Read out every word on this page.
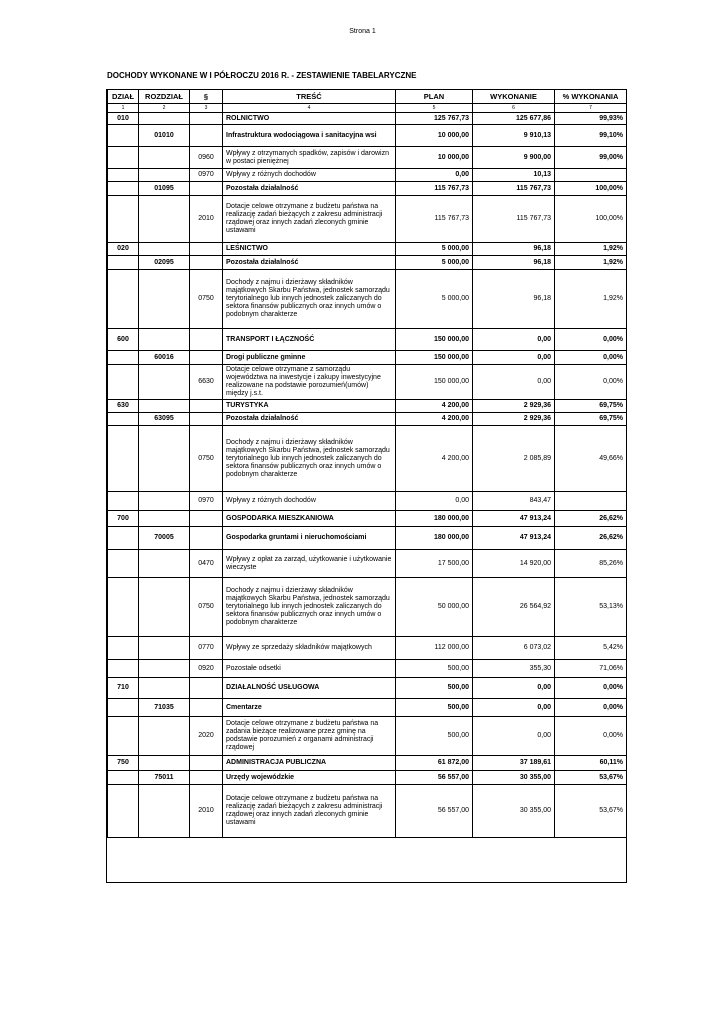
Strona 1
DOCHODY WYKONANE W I PÓŁROCZU 2016 R. - ZESTAWIENIE TABELARYCZNE
DZIAŁ	ROZDZIAŁ	§	TREŚĆ	PLAN	WYKONANIE	% WYKONANIA
1	2	3	4	5	6	7
010			ROLNICTWO	125 767,73	125 677,86	99,93%
	01010		Infrastruktura wodociągowa i sanitacyjna wsi	10 000,00	9 910,13	99,10%
		0960	Wpływy z otrzymanych spadków, zapisów i darowizn w postaci pieniężnej	10 000,00	9 900,00	99,00%
		0970	Wpływy z różnych dochodów	0,00	10,13	
	01095		Pozostała działalność	115 767,73	115 767,73	100,00%
		2010	Dotacje celowe otrzymane z budżetu państwa na realizację zadań bieżących z zakresu administracji rządowej oraz innych zadań zleconych gminie ustawami	115 767,73	115 767,73	100,00%
020			LEŚNICTWO	5 000,00	96,18	1,92%
	02095		Pozostała działalność	5 000,00	96,18	1,92%
		0750	Dochody z najmu i dzierżawy składników majątkowych Skarbu Państwa, jednostek samorządu terytorialnego lub innych jednostek zaliczanych do sektora finansów publicznych oraz innych umów o podobnym charakterze	5 000,00	96,18	1,92%
600			TRANSPORT I ŁĄCZNOŚĆ	150 000,00	0,00	0,00%
	60016		Drogi publiczne gminne	150 000,00	0,00	0,00%
		6630	Dotacje celowe otrzymane z samorządu województwa na inwestycje i zakupy inwestycyjne realizowane na podstawie porozumień(umów) między j.s.t.	150 000,00	0,00	0,00%
630			TURYSTYKA	4 200,00	2 929,36	69,75%
	63095		Pozostała działalność	4 200,00	2 929,36	69,75%
		0750	Dochody z najmu i dzierżawy składników majątkowych Skarbu Państwa, jednostek samorządu terytorialnego lub innych jednostek zaliczanych do sektora finansów publicznych oraz innych umów o podobnym charakterze	4 200,00	2 085,89	49,66%
		0970	Wpływy z różnych dochodów	0,00	843,47	
700			GOSPODARKA MIESZKANIOWA	180 000,00	47 913,24	26,62%
	70005		Gospodarka gruntami i nieruchomościami	180 000,00	47 913,24	26,62%
		0470	Wpływy z opłat za zarząd, użytkowanie i użytkowanie wieczyste	17 500,00	14 920,00	85,26%
		0750	Dochody z najmu i dzierżawy składników majątkowych Skarbu Państwa, jednostek samorządu terytorialnego lub innych jednostek zaliczanych do sektora finansów publicznych oraz innych umów o podobnym charakterze	50 000,00	26 564,92	53,13%
		0770	Wpływy ze sprzedaży składników majątkowych	112 000,00	6 073,02	5,42%
		0920	Pozostałe odsetki	500,00	355,30	71,06%
710			DZIAŁALNOŚĆ USŁUGOWA	500,00	0,00	0,00%
	71035		Cmentarze	500,00	0,00	0,00%
		2020	Dotacje celowe otrzymane z budżetu państwa na zadania bieżące realizowane przez gminę na podstawie porozumień z organami administracji rządowej	500,00	0,00	0,00%
750			ADMINISTRACJA PUBLICZNA	61 872,00	37 189,61	60,11%
	75011		Urzędy wojewódzkie	56 557,00	30 355,00	53,67%
		2010	Dotacje celowe otrzymane z budżetu państwa na realizację zadań bieżących z zakresu administracji rządowej oraz innych zadań zleconych gminie ustawami	56 557,00	30 355,00	53,67%
